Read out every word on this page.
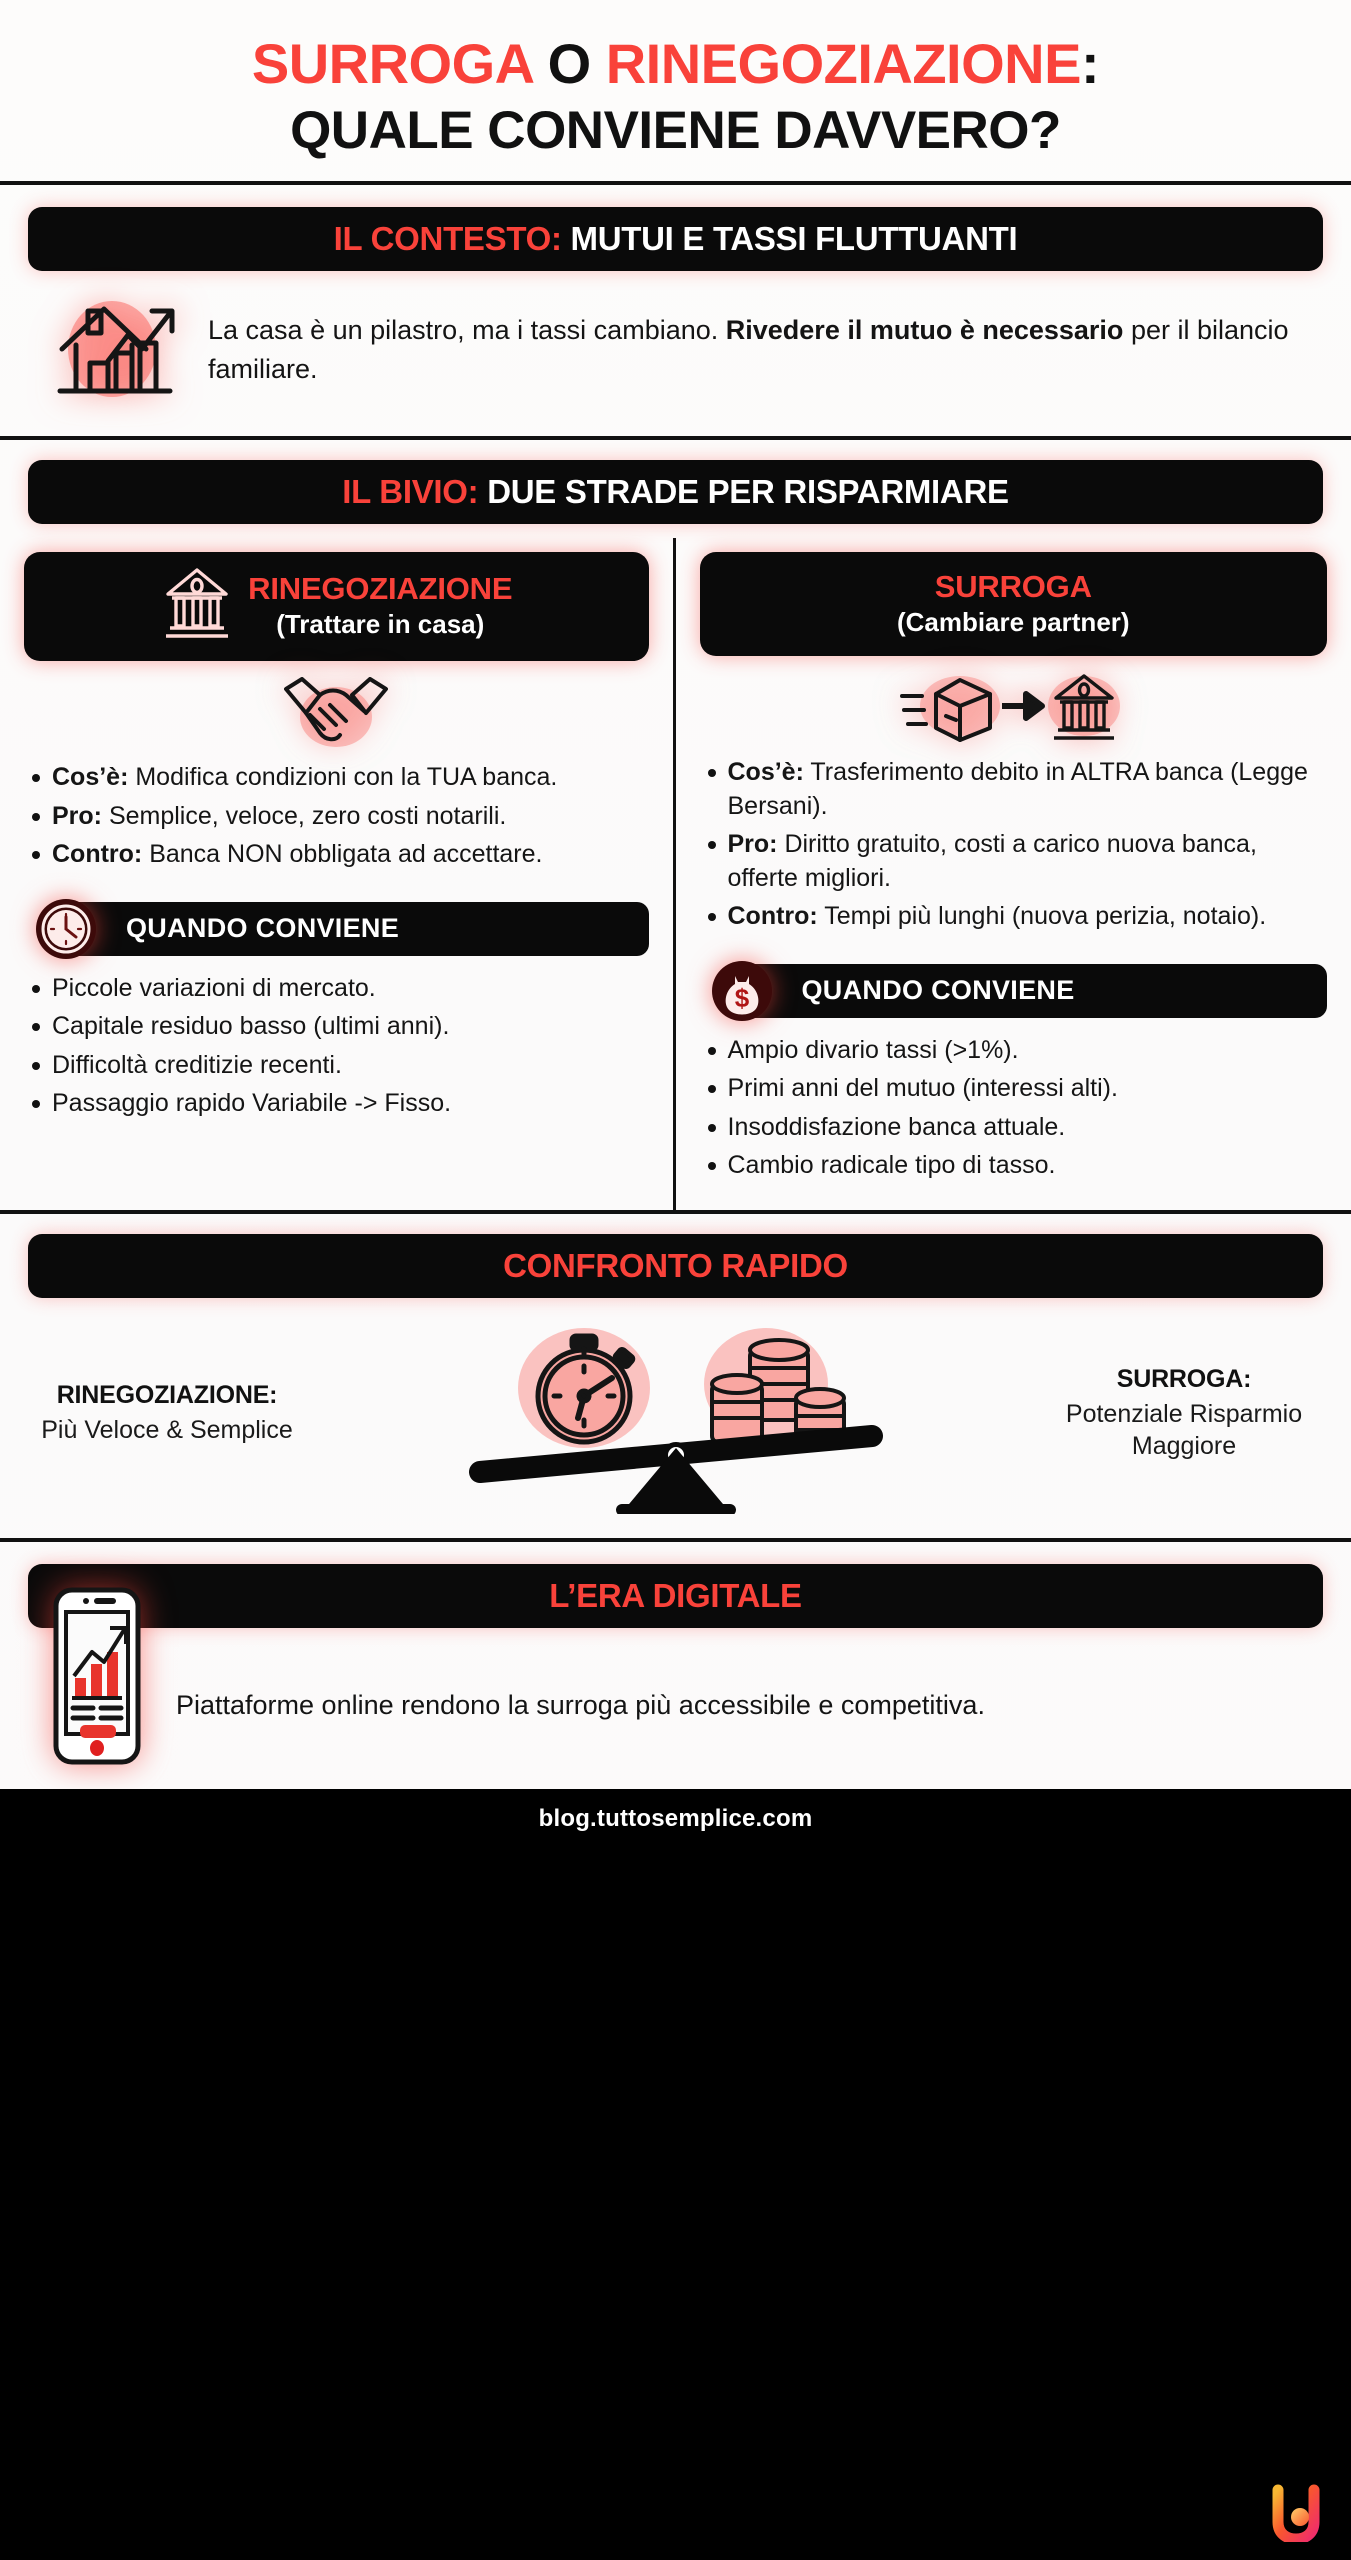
SURROGA O RINEGOZIAZIONE:
QUALE CONVIENE DAVVERO?
IL CONTESTO: MUTUI E TASSI FLUTTUANTI
La casa è un pilastro, ma i tassi cambiano. Rivedere il mutuo è necessario per il bilancio familiare.
IL BIVIO: DUE STRADE PER RISPARMIARE
RINEGOZIAZIONE
(Trattare in casa)
Cos’è: Modifica condizioni con la TUA banca.
Pro: Semplice, veloce, zero costi notarili.
Contro: Banca NON obbligata ad accettare.
QUANDO CONVIENE
Piccole variazioni di mercato.
Capitale residuo basso (ultimi anni).
Difficoltà creditizie recenti.
Passaggio rapido Variabile -> Fisso.
SURROGA
(Cambiare partner)
Cos’è: Trasferimento debito in ALTRA banca (Legge Bersani).
Pro: Diritto gratuito, costi a carico nuova banca, offerte migliori.
Contro: Tempi più lunghi (nuova perizia, notaio).
QUANDO CONVIENE
$
Ampio divario tassi (>1%).
Primi anni del mutuo (interessi alti).
Insoddisfazione banca attuale.
Cambio radicale tipo di tasso.
CONFRONTO RAPIDO
RINEGOZIAZIONE:
Più Veloce & Semplice
SURROGA:
Potenziale Risparmio Maggiore
L’ERA DIGITALE
Piattaforme online rendono la surroga più accessibile e competitiva.
blog.tuttosemplice.com
